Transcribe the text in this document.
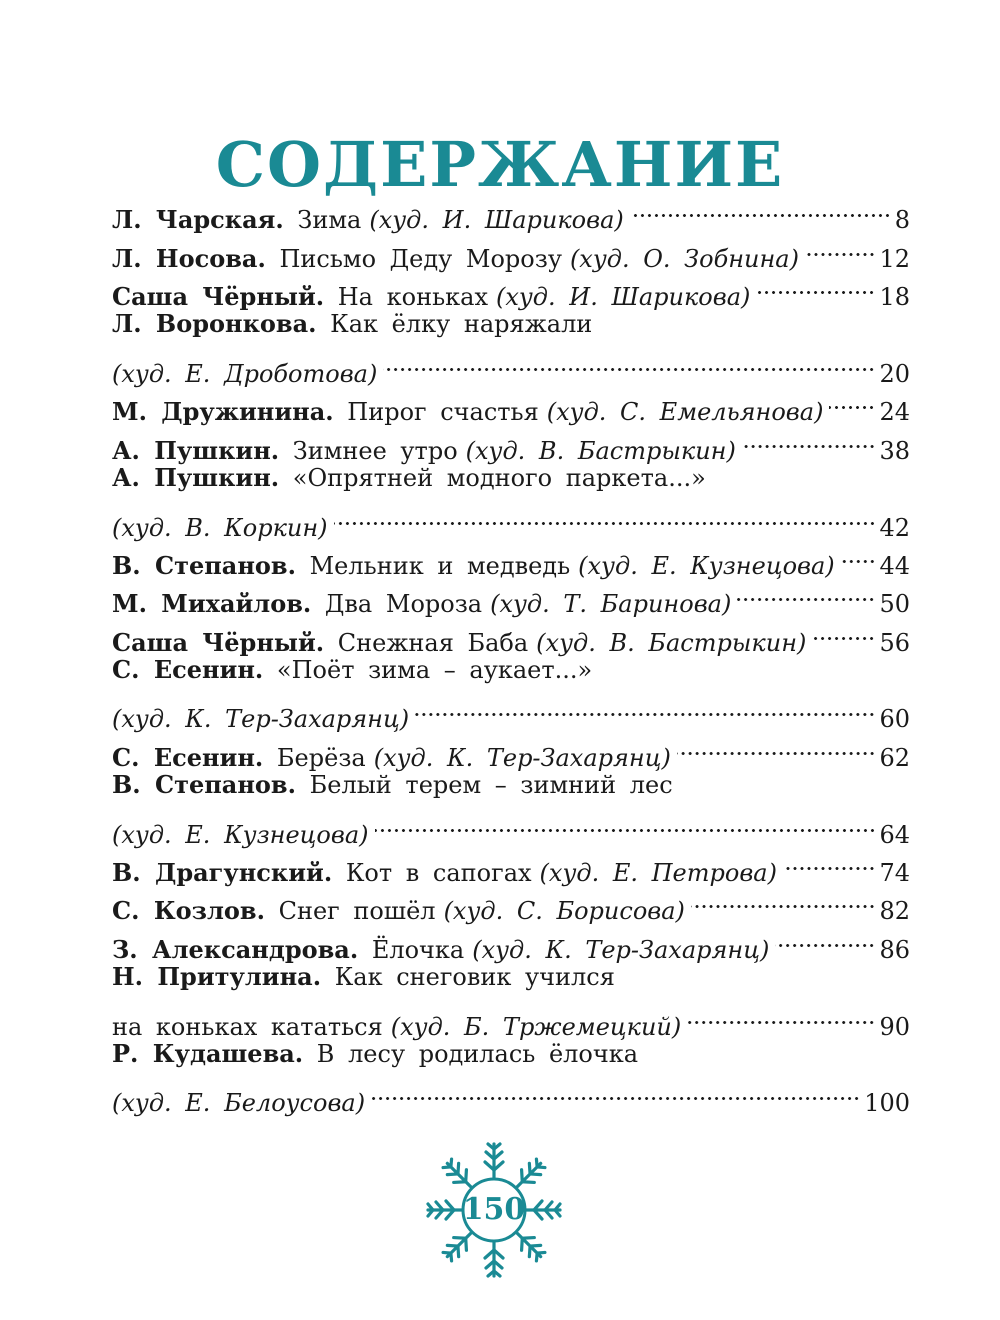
СОДЕРЖАНИЕ
Л. Чарская.
Зима (худ. И. Шарикова)	8
Л. Носова.
Письмо Деду Морозу (худ. О. Зобнина)	12
Саша Чёрный.
На коньках (худ. И. Шарикова)	18
Л. Воронкова.
Как ёлку наряжали
(худ. Е. Дроботова)	20
М. Дружинина.
Пирог счастья (худ. С. Емельянова) 24
А. Пушкин.
Зимнее утро (худ. В. Бастрыкин)	38
А. Пушкин.
«Опрятней модного паркета...»
(худ. В. Коркин)	42
В. Степанов.
Мельник и медведь (худ. Е. Кузнецова) 44
М. Михайлов.
Два Мороза (худ. Т. Баринова)	50
Саша Чёрный.
Снежная Баба (худ. В. Бастрыкин)	56
С. Есенин.
«Поёт зима – аукает...»
(худ. К. Тер-Захарянц)	60
С. Есенин.
Берёза (худ. К. Тер-Захарянц)	62
В. Степанов.
Белый терем – зимний лес
(худ. Е. Кузнецова)	64
В. Драгунский.
Кот в сапогах (худ. Е. Петрова)	74
С. Козлов.
Снег пошёл (худ. С. Борисова)	82
З. Александрова.
Ёлочка (худ. К. Тер-Захарянц)	86
Н. Притулина.
Как снеговик учился
на коньках кататься (худ. Б. Тржемецкий)	90
Р. Кудашева.
В лесу родилась ёлочка
(худ. Е. Белоусова)	100
150
